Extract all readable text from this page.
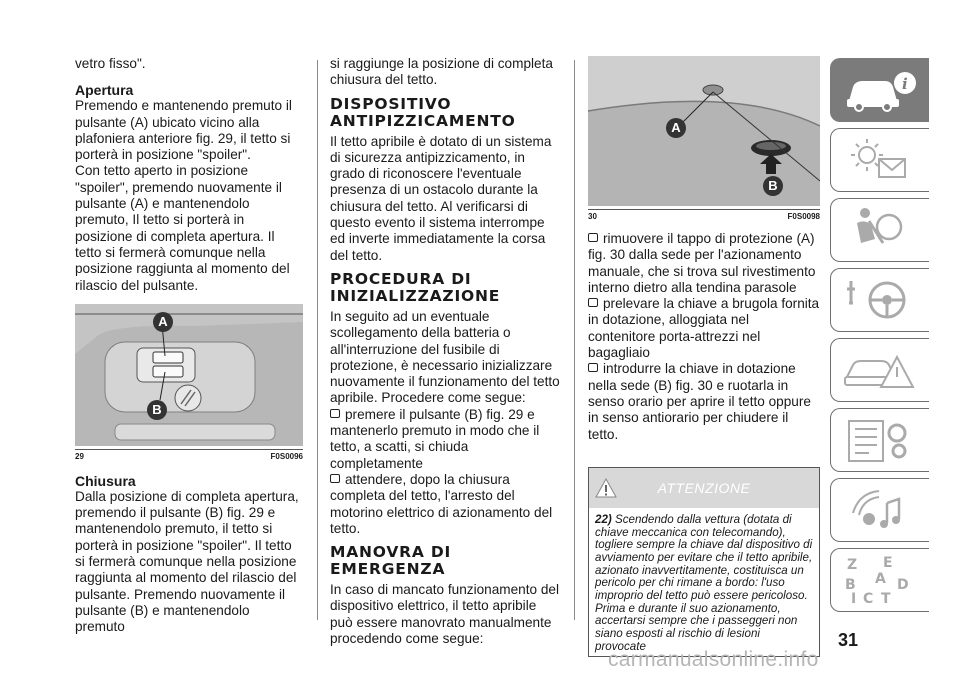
vetro fisso".

Apertura

Premendo e mantenendo premuto il pulsante (A) ubicato vicino alla plafoniera anteriore fig. 29, il tetto si porterà in posizione "spoiler".

Con tetto aperto in posizione "spoiler", premendo nuovamente il pulsante (A) e mantenendolo premuto, Il tetto si porterà in posizione di completa apertura. Il tetto si fermerà comunque nella posizione raggiunta al momento del rilascio del pulsante.

A
B
29	F0S0096

Chiusura

Dalla posizione di completa apertura, premendo il pulsante (B) fig. 29 e mantenendolo premuto, il tetto si porterà in posizione "spoiler". Il tetto si fermerà comunque nella posizione raggiunta al momento del rilascio del pulsante. Premendo nuovamente il pulsante (B) e mantenendolo premuto

si raggiunge la posizione di completa chiusura del tetto.

DISPOSITIVO ANTIPIZZICAMENTO

Il tetto apribile è dotato di un sistema di sicurezza antipizzicamento, in grado di riconoscere l'eventuale presenza di un ostacolo durante la chiusura del tetto. Al verificarsi di questo evento il sistema interrompe ed inverte immediatamente la corsa del tetto.

PROCEDURA DI INIZIALIZZAZIONE

In seguito ad un eventuale scollegamento della batteria o all'interruzione del fusibile di protezione, è necessario inizializzare nuovamente il funzionamento del tetto apribile. Procedere come segue:

premere il pulsante (B) fig. 29 e mantenerlo premuto in modo che il tetto, a scatti, si chiuda completamente

attendere, dopo la chiusura completa del tetto, l'arresto del motorino elettrico di azionamento del tetto.

MANOVRA DI EMERGENZA

In caso di mancato funzionamento del dispositivo elettrico, il tetto apribile può essere manovrato manualmente procedendo come segue:

A
B
30	F0S0098

rimuovere il tappo di protezione (A) fig. 30 dalla sede per l'azionamento manuale, che si trova sul rivestimento interno dietro alla tendina parasole

prelevare la chiave a brugola fornita in dotazione, alloggiata nel contenitore porta-attrezzi nel bagagliaio

introdurre la chiave in dotazione nella sede (B) fig. 30 e ruotarla in senso orario per aprire il tetto oppure in senso antiorario per chiudere il tetto.

ATTENZIONE
22) Scendendo dalla vettura (dotata di chiave meccanica con telecomando), togliere sempre la chiave dal dispositivo di avviamento per evitare che il tetto apribile, azionato inavvertitamente, costituisca un pericolo per chi rimane a bordo: l'uso improprio del tetto può essere pericoloso. Prima e durante il suo azionamento, accertarsi sempre che i passeggeri non siano esposti al rischio di lesioni provocate
i
Z E
A
B	D
I C T
31
carmanualsonline.info
